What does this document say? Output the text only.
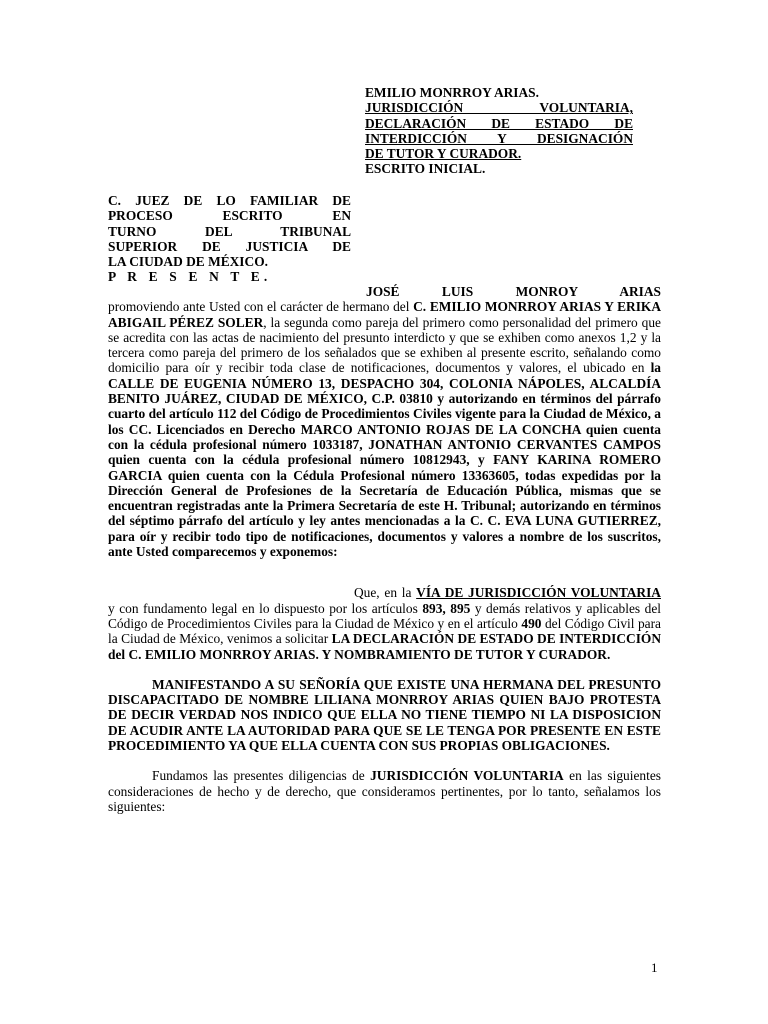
EMILIO MONRROY ARIAS.
JURISDICCIÓN VOLUNTARIA,
DECLARACIÓN DE ESTADO DE
INTERDICCIÓN Y DESIGNACIÓN
DE TUTOR Y CURADOR.
ESCRITO INICIAL.
C. JUEZ DE LO FAMILIAR DE
PROCESO ESCRITO EN
TURNO DEL TRIBUNAL
SUPERIOR DE JUSTICIA DE
LA CIUDAD DE MÉXICO.
P R E S E N T E.

JOSÉ LUIS MONROY ARIAS
promoviendo ante Usted con el carácter de hermano del C. EMILIO MONRROY ARIAS Y ERIKA ABIGAIL PÉREZ SOLER, la segunda como pareja del primero como personalidad del primero que se acredita con las actas de nacimiento del presunto interdicto y que se exhiben como anexos 1,2 y la tercera como pareja del primero de los señalados que se exhiben al presente escrito, señalando como domicilio para oír y recibir toda clase de notificaciones, documentos y valores, el ubicado en la CALLE DE EUGENIA NÚMERO 13, DESPACHO 304, COLONIA NÁPOLES, ALCALDÍA BENITO JUÁREZ, CIUDAD DE MÉXICO, C.P. 03810 y autorizando en términos del párrafo cuarto del artículo 112 del Código de Procedimientos Civiles vigente para la Ciudad de México, a los CC. Licenciados en Derecho MARCO ANTONIO ROJAS DE LA CONCHA quien cuenta con la cédula profesional número 1033187, JONATHAN ANTONIO CERVANTES CAMPOS quien cuenta con la cédula profesional número 10812943, y FANY KARINA ROMERO GARCIA quien cuenta con la Cédula Profesional número 13363605, todas expedidas por la Dirección General de Profesiones de la Secretaría de Educación Pública, mismas que se encuentran registradas ante la Primera Secretaría de este H. Tribunal; autorizando en términos del séptimo párrafo del artículo y ley antes mencionadas a la C. C. EVA LUNA GUTIERREZ, para oír y recibir todo tipo de notificaciones, documentos y valores a nombre de los suscritos, ante Usted comparecemos y exponemos:

Que, en la VÍA DE JURISDICCIÓN VOLUNTARIA y con fundamento legal en lo dispuesto por los artículos 893, 895 y demás relativos y aplicables del Código de Procedimientos Civiles para la Ciudad de México y en el artículo 490 del Código Civil para la Ciudad de México, venimos a solicitar LA DECLARACIÓN DE ESTADO DE INTERDICCIÓN del C. EMILIO MONRROY ARIAS. Y NOMBRAMIENTO DE TUTOR Y CURADOR.

MANIFESTANDO A SU SEÑORÍA QUE EXISTE UNA HERMANA DEL PRESUNTO DISCAPACITADO DE NOMBRE LILIANA MONRROY ARIAS QUIEN BAJO PROTESTA DE DECIR VERDAD NOS INDICO QUE ELLA NO TIENE TIEMPO NI LA DISPOSICION DE ACUDIR ANTE LA AUTORIDAD PARA QUE SE LE TENGA POR PRESENTE EN ESTE PROCEDIMIENTO YA QUE ELLA CUENTA CON SUS PROPIAS OBLIGACIONES.

Fundamos las presentes diligencias de JURISDICCIÓN VOLUNTARIA en las siguientes consideraciones de hecho y de derecho, que consideramos pertinentes, por lo tanto, señalamos los siguientes:

1
